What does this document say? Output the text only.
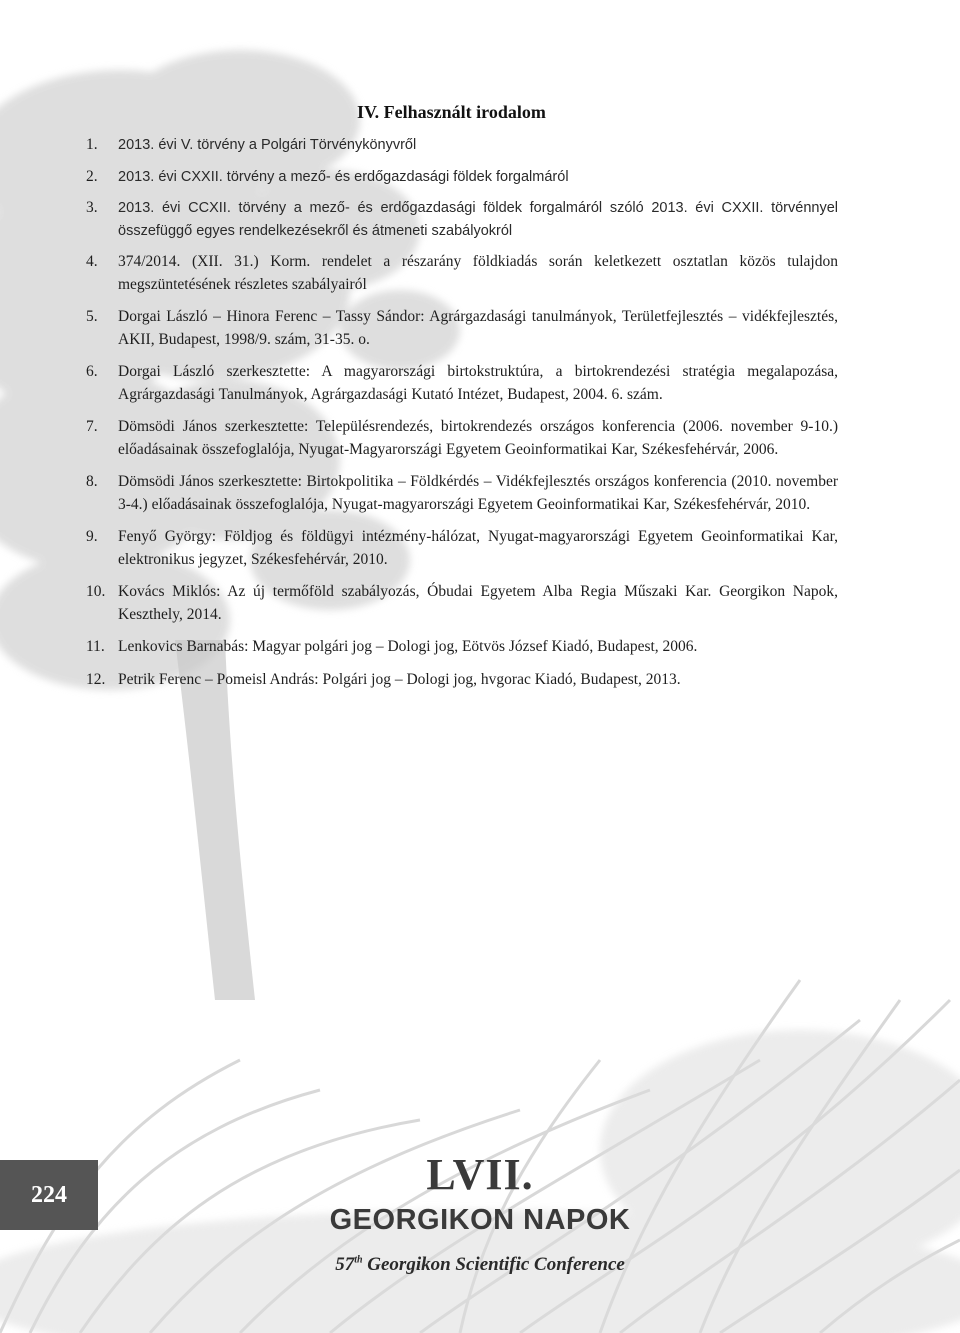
IV. Felhasznált irodalom
1.	2013. évi V. törvény a Polgári Törvénykönyvről
2.	2013. évi CXXII. törvény a mező- és erdőgazdasági földek forgalmáról
3.	2013. évi CCXII. törvény a mező- és erdőgazdasági földek forgalmáról szóló 2013. évi CXXII. törvénnyel összefüggő egyes rendelkezésekről és átmeneti szabályokról
4.	374/2014. (XII. 31.) Korm. rendelet a részarány földkiadás során keletkezett osztatlan közös tulajdon megszüntetésének részletes szabályairól
5.	Dorgai László – Hinora Ferenc – Tassy Sándor: Agrárgazdasági tanulmányok, Területfejlesztés – vidékfejlesztés, AKII, Budapest, 1998/9. szám, 31-35. o.
6.	Dorgai László szerkesztette: A magyarországi birtokstruktúra, a birtokrendezési stratégia megalapozása, Agrárgazdasági Tanulmányok, Agrárgazdasági Kutató Intézet, Budapest, 2004. 6. szám.
7.	Dömsödi János szerkesztette: Településrendezés, birtokrendezés országos konferencia (2006. november 9-10.) előadásainak összefoglalója, Nyugat-Magyarországi Egyetem Geoinformatikai Kar, Székesfehérvár, 2006.
8.	Dömsödi János szerkesztette: Birtokpolitika – Földkérdés – Vidékfejlesztés országos konferencia (2010. november 3-4.) előadásainak összefoglalója, Nyugat-magyarországi Egyetem Geoinformatikai Kar, Székesfehérvár, 2010.
9.	Fenyő György: Földjog és földügyi intézmény-hálózat, Nyugat-magyarországi Egyetem Geoinformatikai Kar, elektronikus jegyzet, Székesfehérvár, 2010.
10. Kovács Miklós: Az új termőföld szabályozás, Óbudai Egyetem Alba Regia Műszaki Kar. Georgikon Napok, Keszthely, 2014.
11. Lenkovics Barnabás: Magyar polgári jog – Dologi jog, Eötvös József Kiadó, Budapest, 2006.
12. Petrik Ferenc – Pomeisl András: Polgári jog – Dologi jog, hvgorac Kiadó, Budapest, 2013.
224	LVII.
GEORGIKON NAPOK
57th Georgikon Scientific Conference
